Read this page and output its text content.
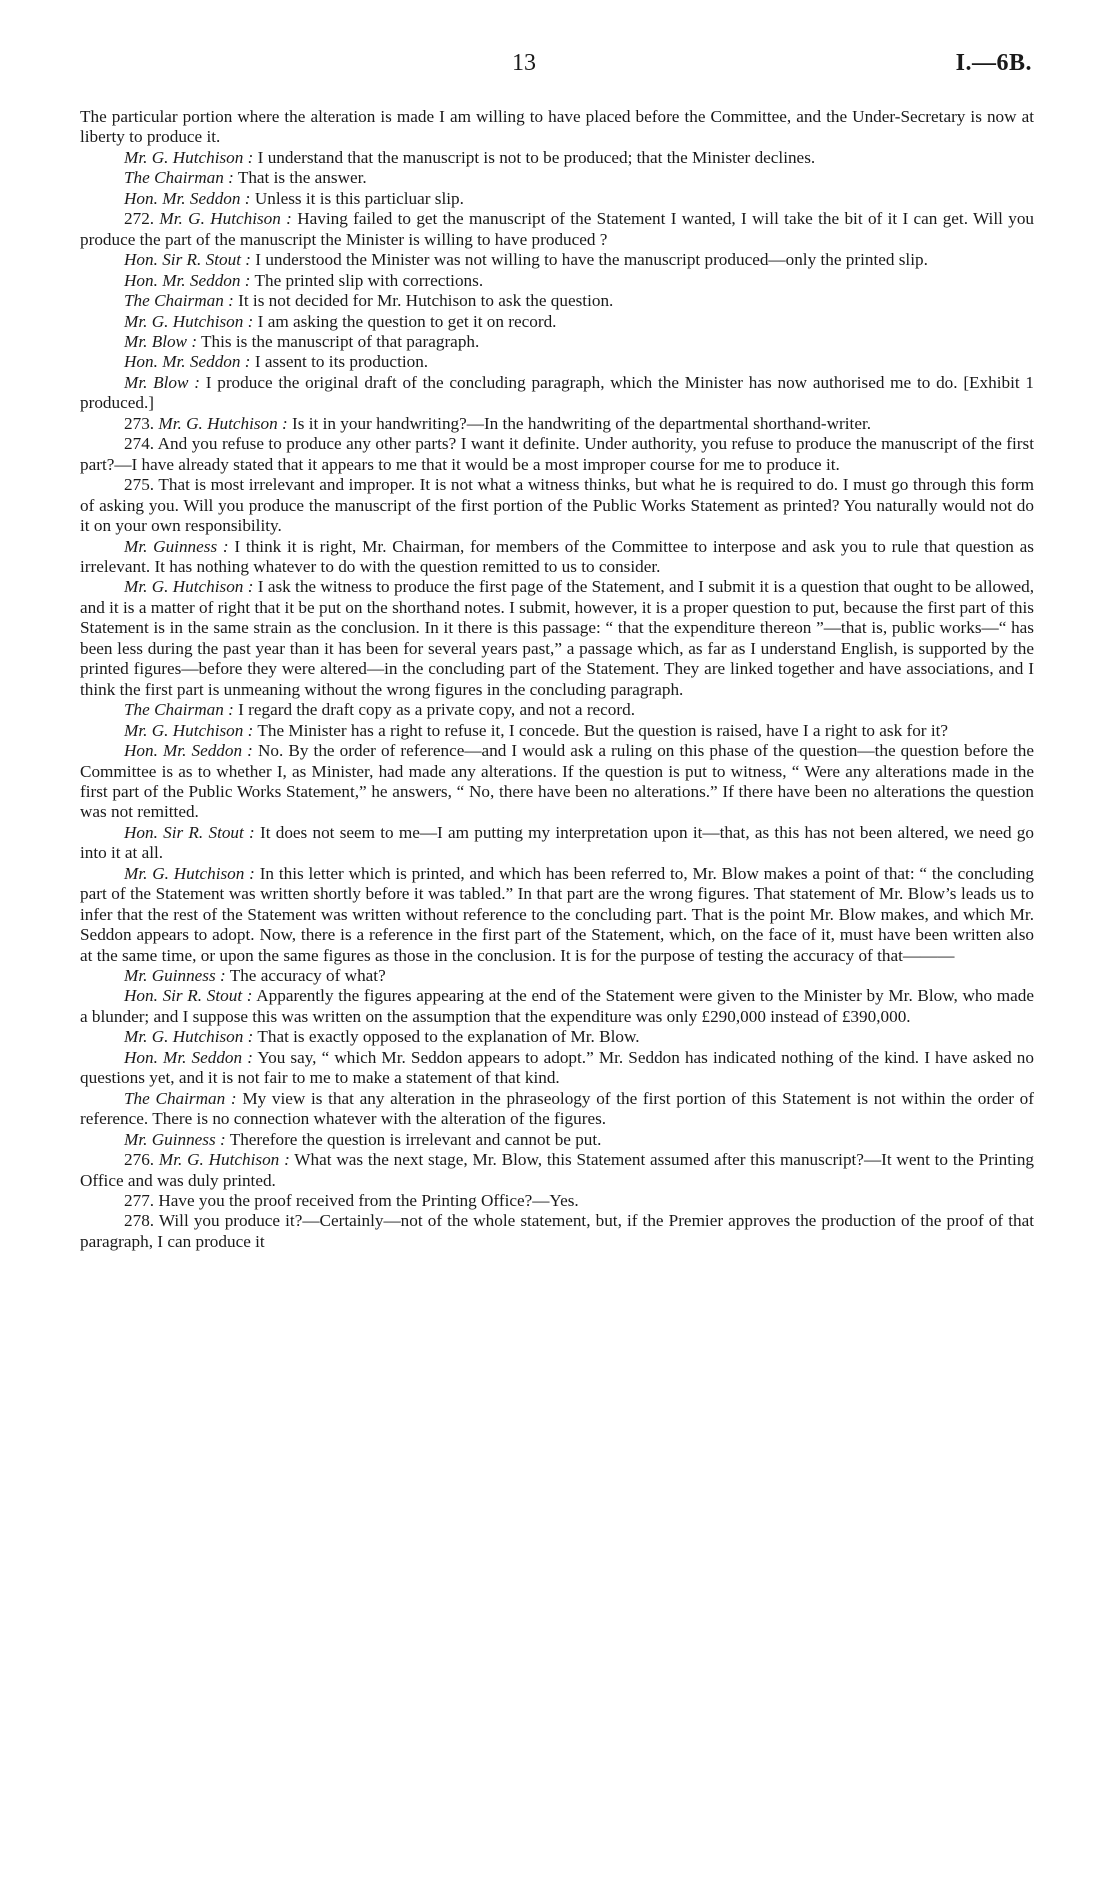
13	I.—6B.

The particular portion where the alteration is made I am willing to have placed before the Committee, and the Under-Secretary is now at liberty to produce it.

Mr. G. Hutchison : I understand that the manuscript is not to be produced; that the Minister declines.

The Chairman : That is the answer.

Hon. Mr. Seddon : Unless it is this particluar slip.

272. Mr. G. Hutchison : Having failed to get the manuscript of the Statement I wanted, I will take the bit of it I can get. Will you produce the part of the manuscript the Minister is willing to have produced ?

Hon. Sir R. Stout : I understood the Minister was not willing to have the manuscript produced—only the printed slip.

Hon. Mr. Seddon : The printed slip with corrections.

The Chairman : It is not decided for Mr. Hutchison to ask the question.

Mr. G. Hutchison : I am asking the question to get it on record.

Mr. Blow : This is the manuscript of that paragraph.

Hon. Mr. Seddon : I assent to its production.

Mr. Blow : I produce the original draft of the concluding paragraph, which the Minister has now authorised me to do. [Exhibit 1 produced.]

273. Mr. G. Hutchison : Is it in your handwriting?—In the handwriting of the departmental shorthand-writer.

274. And you refuse to produce any other parts? I want it definite. Under authority, you refuse to produce the manuscript of the first part?—I have already stated that it appears to me that it would be a most improper course for me to produce it.

275. That is most irrelevant and improper. It is not what a witness thinks, but what he is required to do. I must go through this form of asking you. Will you produce the manuscript of the first portion of the Public Works Statement as printed? You naturally would not do it on your own responsibility.

Mr. Guinness : I think it is right, Mr. Chairman, for members of the Committee to interpose and ask you to rule that question as irrelevant. It has nothing whatever to do with the question remitted to us to consider.

Mr. G. Hutchison : I ask the witness to produce the first page of the Statement, and I submit it is a question that ought to be allowed, and it is a matter of right that it be put on the shorthand notes. I submit, however, it is a proper question to put, because the first part of this Statement is in the same strain as the conclusion. In it there is this passage: “ that the expenditure thereon ”—that is, public works—“ has been less during the past year than it has been for several years past,” a passage which, as far as I understand English, is supported by the printed figures—before they were altered—in the concluding part of the Statement. They are linked together and have associations, and I think the first part is unmeaning without the wrong figures in the concluding paragraph.

The Chairman : I regard the draft copy as a private copy, and not a record.

Mr. G. Hutchison : The Minister has a right to refuse it, I concede. But the question is raised, have I a right to ask for it?

Hon. Mr. Seddon : No. By the order of reference—and I would ask a ruling on this phase of the question—the question before the Committee is as to whether I, as Minister, had made any alterations. If the question is put to witness, “ Were any alterations made in the first part of the Public Works Statement,” he answers, “ No, there have been no alterations.” If there have been no alterations the question was not remitted.

Hon. Sir R. Stout : It does not seem to me—I am putting my interpretation upon it—that, as this has not been altered, we need go into it at all.

Mr. G. Hutchison : In this letter which is printed, and which has been referred to, Mr. Blow makes a point of that: “ the concluding part of the Statement was written shortly before it was tabled.” In that part are the wrong figures. That statement of Mr. Blow’s leads us to infer that the rest of the Statement was written without reference to the concluding part. That is the point Mr. Blow makes, and which Mr. Seddon appears to adopt. Now, there is a reference in the first part of the Statement, which, on the face of it, must have been written also at the same time, or upon the same figures as those in the conclusion. It is for the purpose of testing the accuracy of that———

Mr. Guinness : The accuracy of what?

Hon. Sir R. Stout : Apparently the figures appearing at the end of the Statement were given to the Minister by Mr. Blow, who made a blunder; and I suppose this was written on the assumption that the expenditure was only £290,000 instead of £390,000.

Mr. G. Hutchison : That is exactly opposed to the explanation of Mr. Blow.

Hon. Mr. Seddon : You say, “ which Mr. Seddon appears to adopt.” Mr. Seddon has indicated nothing of the kind. I have asked no questions yet, and it is not fair to me to make a statement of that kind.

The Chairman : My view is that any alteration in the phraseology of the first portion of this Statement is not within the order of reference. There is no connection whatever with the alteration of the figures.

Mr. Guinness : Therefore the question is irrelevant and cannot be put.

276. Mr. G. Hutchison : What was the next stage, Mr. Blow, this Statement assumed after this manuscript?—It went to the Printing Office and was duly printed.

277. Have you the proof received from the Printing Office?—Yes.

278. Will you produce it?—Certainly—not of the whole statement, but, if the Premier approves the production of the proof of that paragraph, I can produce it
